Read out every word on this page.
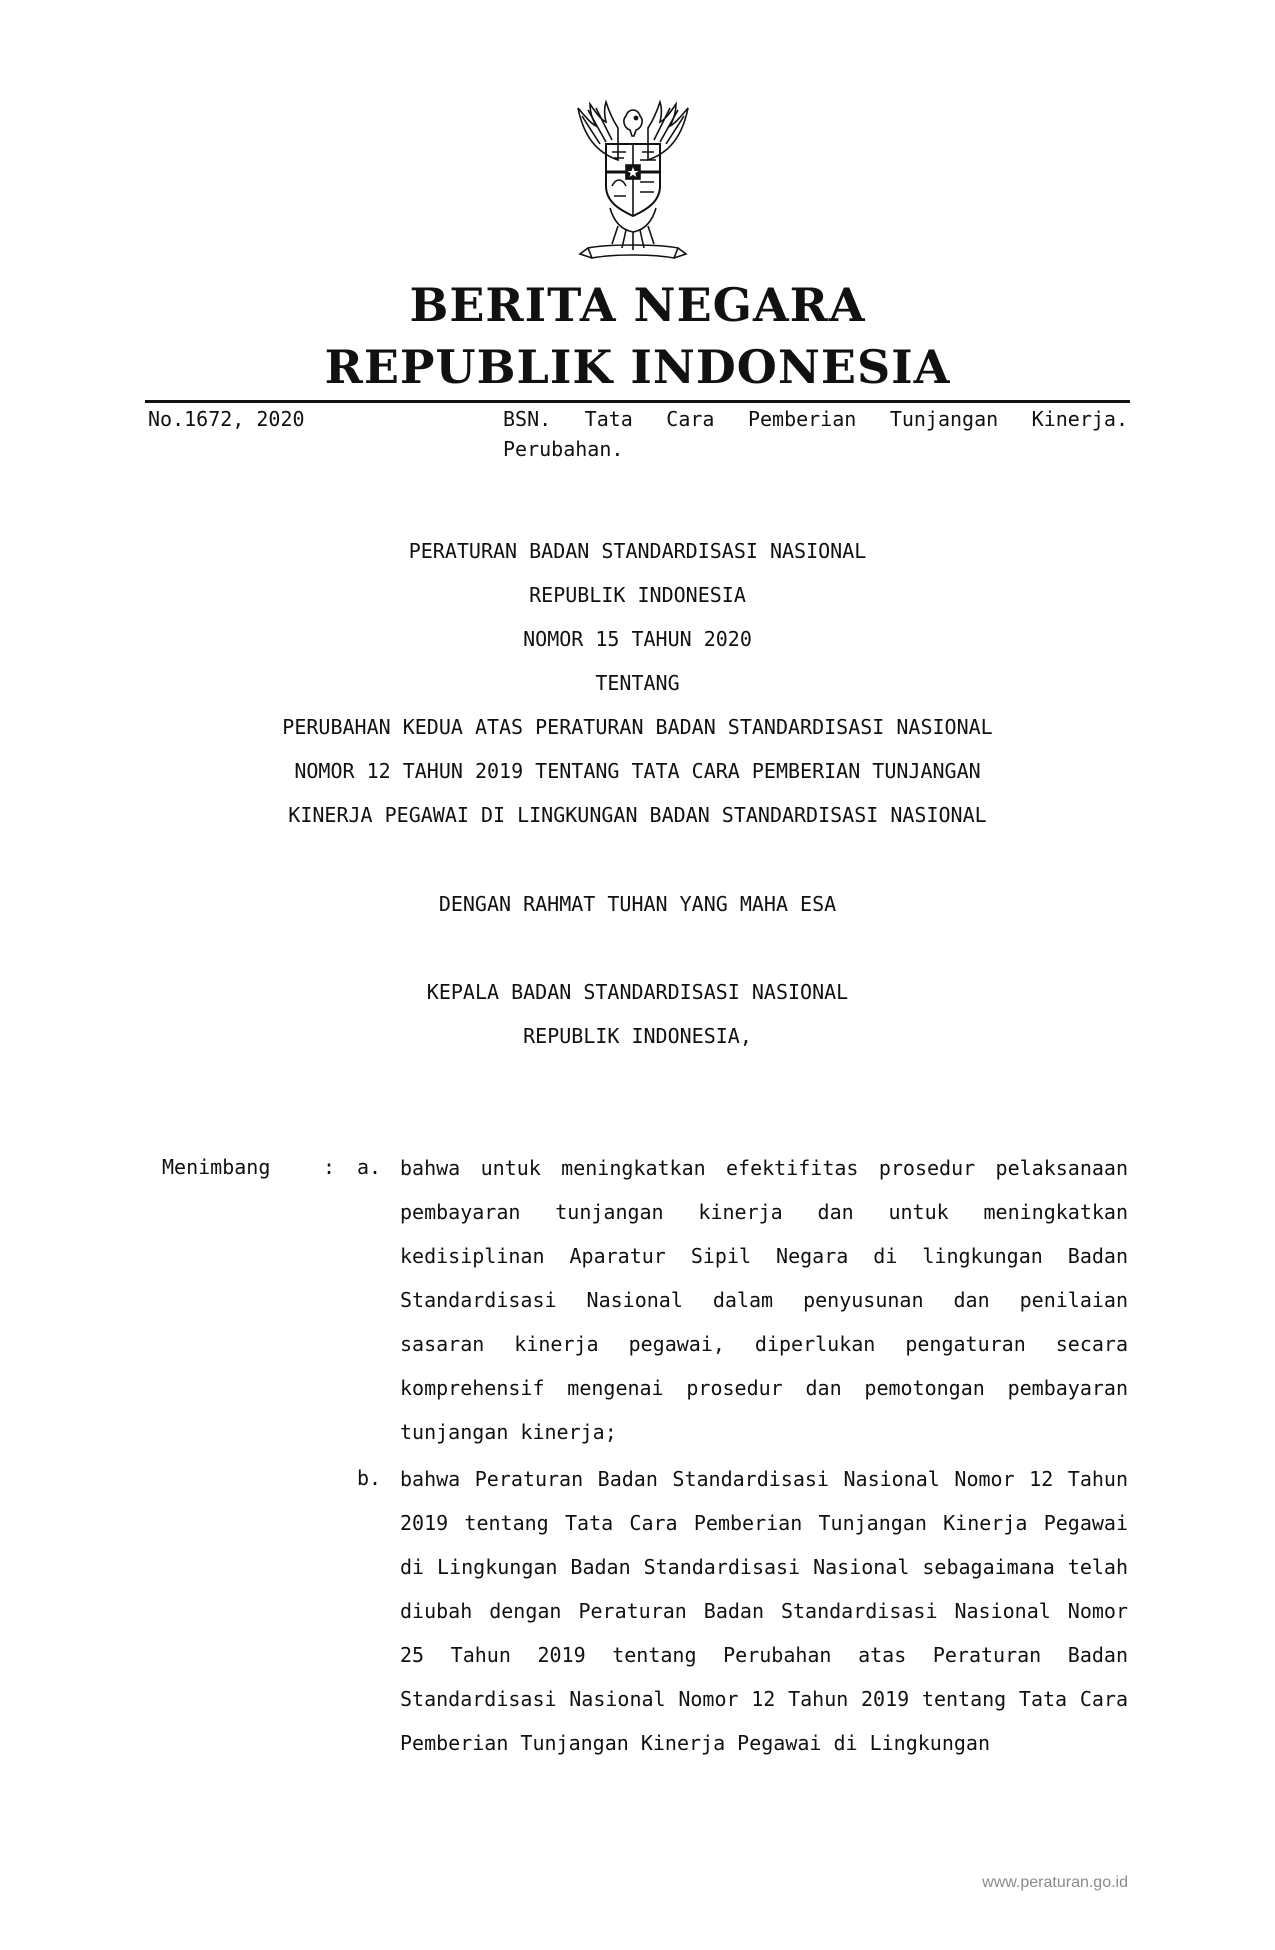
BERITA NEGARA
REPUBLIK INDONESIA
No.1672, 2020	BSN. Tata Cara Pemberian Tunjangan Kinerja. Perubahan.
PERATURAN BADAN STANDARDISASI NASIONAL
REPUBLIK INDONESIA
NOMOR 15 TAHUN 2020
TENTANG
PERUBAHAN KEDUA ATAS PERATURAN BADAN STANDARDISASI NASIONAL
NOMOR 12 TAHUN 2019 TENTANG TATA CARA PEMBERIAN TUNJANGAN
KINERJA PEGAWAI DI LINGKUNGAN BADAN STANDARDISASI NASIONAL
DENGAN RAHMAT TUHAN YANG MAHA ESA
KEPALA BADAN STANDARDISASI NASIONAL
REPUBLIK INDONESIA,
Menimbang	: a. bahwa untuk meningkatkan efektifitas prosedur pelaksanaan pembayaran tunjangan kinerja dan untuk meningkatkan kedisiplinan Aparatur Sipil Negara di lingkungan Badan Standardisasi Nasional dalam penyusunan dan penilaian sasaran kinerja pegawai, diperlukan pengaturan secara komprehensif mengenai prosedur dan pemotongan pembayaran tunjangan kinerja;
b. bahwa Peraturan Badan Standardisasi Nasional Nomor 12 Tahun 2019 tentang Tata Cara Pemberian Tunjangan Kinerja Pegawai di Lingkungan Badan Standardisasi Nasional sebagaimana telah diubah dengan Peraturan Badan Standardisasi Nasional Nomor 25 Tahun 2019 tentang Perubahan atas Peraturan Badan Standardisasi Nasional Nomor 12 Tahun 2019 tentang Tata Cara Pemberian Tunjangan Kinerja Pegawai di Lingkungan
www.peraturan.go.id
